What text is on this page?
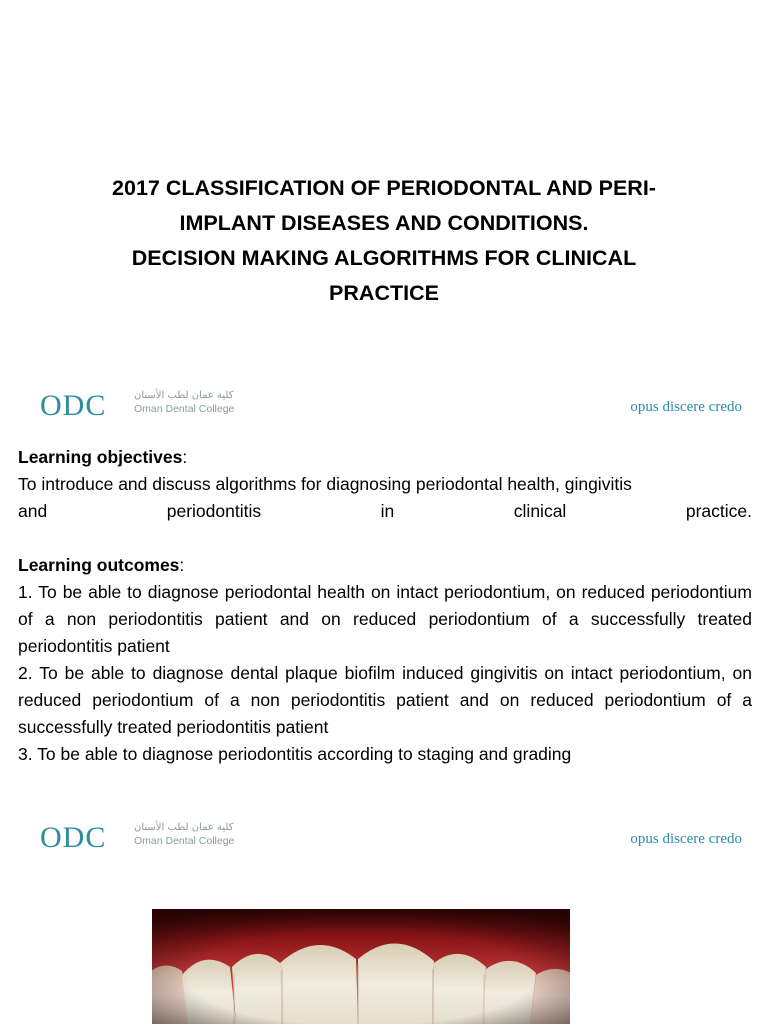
2017 CLASSIFICATION OF PERIODONTAL AND PERI-
IMPLANT DISEASES AND CONDITIONS.
DECISION MAKING ALGORITHMS FOR CLINICAL
PRACTICE
ODC	كلية عمان لطب الأسنان
Oman Dental College	opus discere credo

Learning objectives:

To introduce and discuss algorithms for diagnosing periodontal health, gingivitis

and periodontitis in clinical practice.

Learning outcomes:

1. To be able to diagnose periodontal health on intact periodontium, on reduced periodontium of a non periodontitis patient and on reduced periodontium of a successfully treated periodontitis patient

2. To be able to diagnose dental plaque biofilm induced gingivitis on intact periodontium, on reduced periodontium of a non periodontitis patient and on reduced periodontium of a successfully treated periodontitis patient

3. To be able to diagnose periodontitis according to staging and grading

ODC	كلية عمان لطب الأسنان
Oman Dental College	opus discere credo
